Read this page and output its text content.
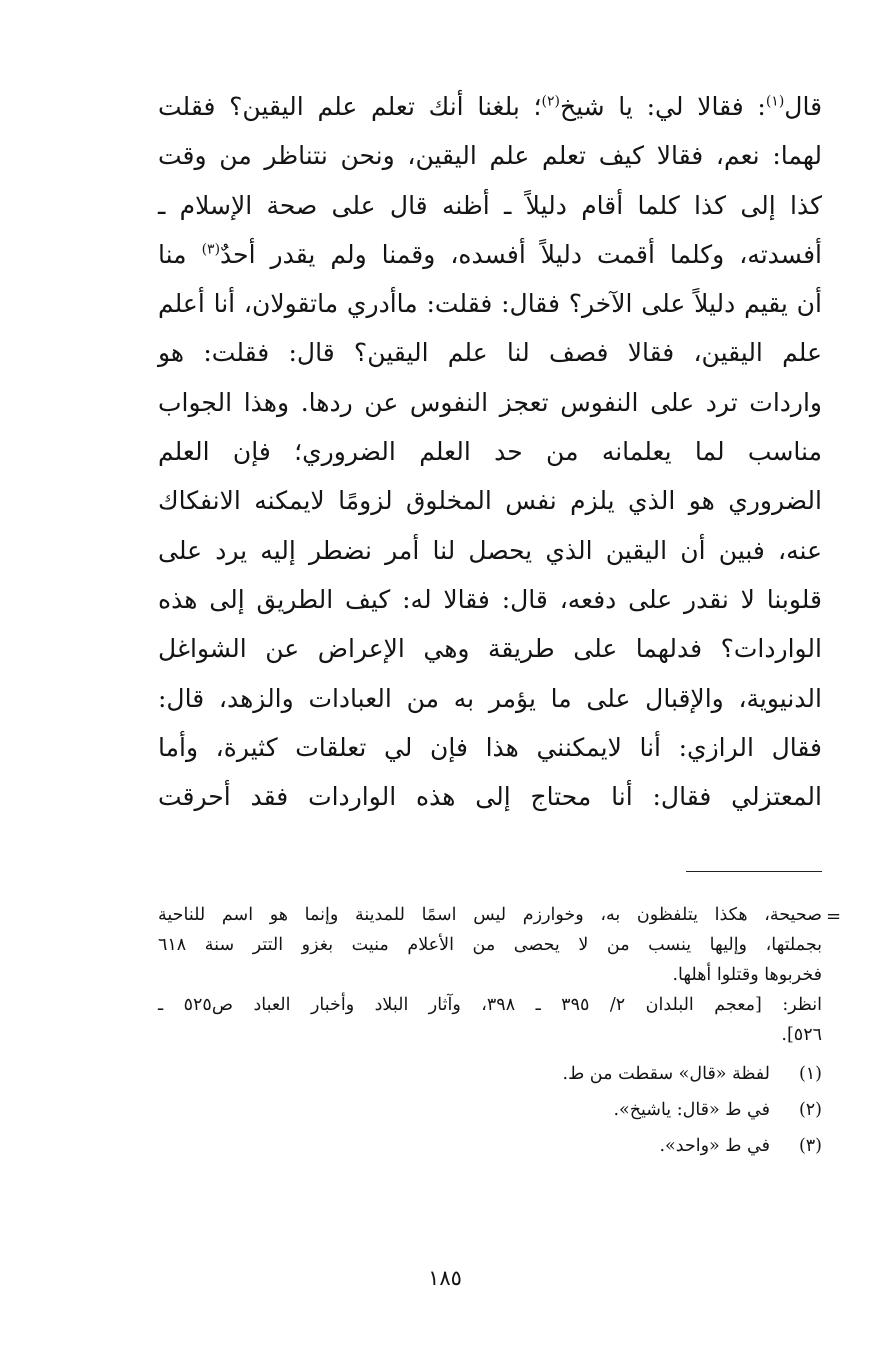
قال$^{(١)}$: فقالا لي: يا شيخ$^{(٢)}$؛ بلغنا أنك تعلم علم اليقين؟ فقلت
لهما: نعم، فقالا كيف تعلم علم اليقين، ونحن نتناظر من وقت
كذا إلى كذا كلما أقام دليلاً ـ أظنه قال على صحة الإسلام ـ
أفسدته، وكلما أقمت دليلاً أفسده، وقمنا ولم يقدر أحدٌ$^{(٣)}$ منا
أن يقيم دليلاً على الآخر؟ فقال: فقلت: ماأدري ماتقولان، أنا أعلم
علم اليقين، فقالا فصف لنا علم اليقين؟ قال: فقلت: هو
واردات ترد على النفوس تعجز النفوس عن ردها. وهذا الجواب
مناسب لما يعلمانه من حد العلم الضروري؛ فإن العلم
الضروري هو الذي يلزم نفس المخلوق لزومًا لايمكنه الانفكاك
عنه، فبين أن اليقين الذي يحصل لنا أمر نضطر إليه يرد على
قلوبنا لا نقدر على دفعه، قال: فقالا له: كيف الطريق إلى هذه
الواردات؟ فدلهما على طريقة وهي الإعراض عن الشواغل
الدنيوية، والإقبال على ما يؤمر به من العبادات والزهد، قال:
فقال الرازي: أنا لايمكنني هذا فإن لي تعلقات كثيرة، وأما
المعتزلي فقال: أنا محتاج إلى هذه الواردات فقد أحرقت
=
صحيحة، هكذا يتلفظون به، وخوارزم ليس اسمًا للمدينة وإنما هو اسم للناحية
بجملتها، وإليها ينسب من لا يحصى من الأعلام منيت بغزو التتر سنة ٦١٨
فخربوها وقتلوا أهلها.
انظر: [معجم البلدان ٢/ ٣٩٥ ـ ٣٩٨، وآثار البلاد وأخبار العباد ص٥٢٥ ـ
٥٢٦].
(١)لفظة «قال» سقطت من ط.
(٢)في ط «قال: ياشيخ».
(٣)في ط «واحد».
١٨٥
